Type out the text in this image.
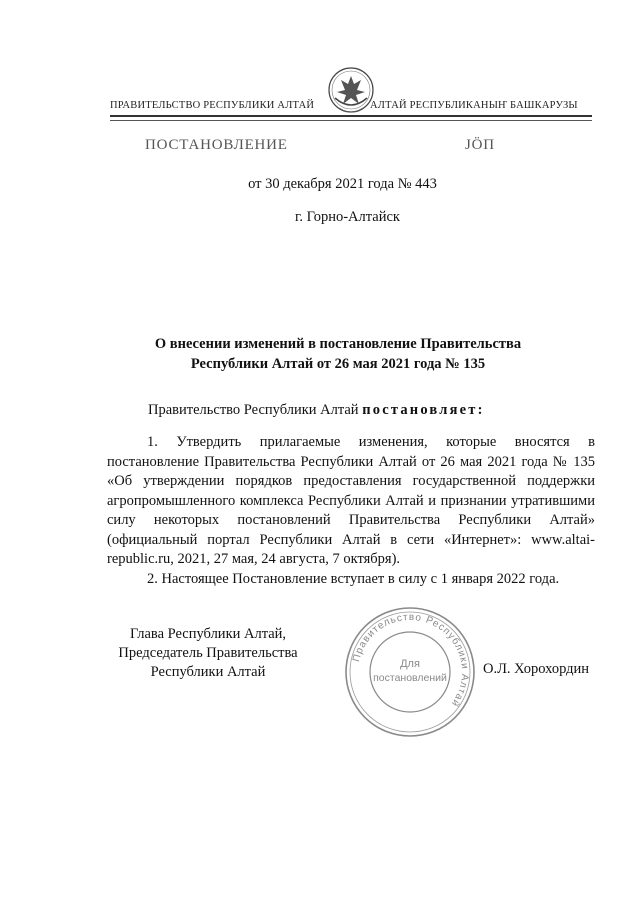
ПРАВИТЕЛЬСТВО РЕСПУБЛИКИ АЛТАЙ	АЛТАЙ РЕСПУБЛИКАНЫҤ БАШКАРУЗЫ
ПОСТАНОВЛЕНИЕ	ЈӦП
от 30 декабря 2021 года № 443
г. Горно-Алтайск
О внесении изменений в постановление Правительства Республики Алтай от 26 мая 2021 года № 135
Правительство Республики Алтай постановляет:

1. Утвердить прилагаемые изменения, которые вносятся в постановление Правительства Республики Алтай от 26 мая 2021 года № 135 «Об утверждении порядков предоставления государственной поддержки агропромышленного комплекса Республики Алтай и признании утратившими силу некоторых постановлений Правительства Республики Алтай» (официальный портал Республики Алтай в сети «Интернет»: www.altai-republic.ru, 2021, 27 мая, 24 августа, 7 октября).

2. Настоящее Постановление вступает в силу с 1 января 2022 года.

Глава Республики Алтай,
Председатель Правительства
Республики Алтай
Правительство Республики Алтай
Для
постановлений
О.Л. Хорохордин
